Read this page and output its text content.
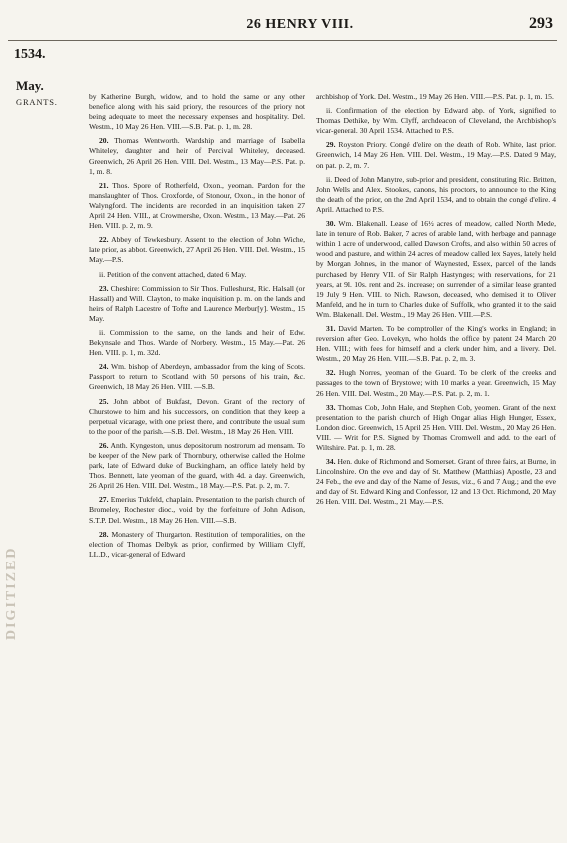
26 HENRY VIII.	293
1534.
May.
GRANTS.
DIGITIZED

by Katherine Burgh, widow, and to hold the same or any other benefice along with his said priory, the resources of the priory not being adequate to meet the necessary expenses and hospitality. Del. Westm., 10 May 26 Hen. VIII.—S.B. Pat. p. 1, m. 28.

20. Thomas Wentworth. Wardship and marriage of Isabella Whiteley, daughter and heir of Percival Whiteley, deceased. Greenwich, 26 April 26 Hen. VIII. Del. Westm., 13 May—P.S. Pat. p. 1, m. 8.

21. Thos. Spore of Rotherfeld, Oxon., yeoman. Pardon for the manslaughter of Thos. Croxforde, of Stonour, Oxon., in the honor of Walyngford. The incidents are recorded in an inquisition taken 27 April 24 Hen. VIII., at Crowmershe, Oxon. Westm., 13 May.—Pat. 26 Hen. VIII. p. 2, m. 9.

22. Abbey of Tewkesbury. Assent to the election of John Wiche, late prior, as abbot. Greenwich, 27 April 26 Hen. VIII. Del. Westm., 15 May.—P.S.

ii. Petition of the convent attached, dated 6 May.

23. Cheshire: Commission to Sir Thos. Fulleshurst, Ric. Halsall (or Hassall) and Will. Clayton, to make inquisition p. m. on the lands and heirs of Ralph Lacestre of Tofte and Laurence Merbur[y]. Westm., 15 May.

ii. Commission to the same, on the lands and heir of Edw. Bekynsale and Thos. Warde of Norbery. Westm., 15 May.—Pat. 26 Hen. VIII. p. 1, m. 32d.

24. Wm. bishop of Aberdeyn, ambassador from the king of Scots. Passport to return to Scotland with 50 persons of his train, &c. Greenwich, 18 May 26 Hen. VIII. —S.B.

25. John abbot of Bukfast, Devon. Grant of the rectory of Churstowe to him and his successors, on condition that they keep a perpetual vicarage, with one priest there, and contribute the usual sum to the poor of the parish.—S.B. Del. Westm., 18 May 26 Hen. VIII.

26. Anth. Kyngeston, unus depositorum nostrorum ad mensam. To be keeper of the New park of Thornbury, otherwise called the Holme park, late of Edward duke of Buckingham, an office lately held by Thos. Bennett, late yeoman of the guard, with 4d. a day. Greenwich, 26 April 26 Hen. VIII. Del. Westm., 18 May.—P.S. Pat. p. 2, m. 7.

27. Emerius Tukfeld, chaplain. Presentation to the parish church of Bromeley, Rochester dioc., void by the forfeiture of John Adison, S.T.P. Del. Westm., 18 May 26 Hen. VIII.—S.B.

28. Monastery of Thurgarton. Restitution of temporalities, on the election of Thomas Delbyk as prior, confirmed by William Clyff, LL.D., vicar-general of Edward

archbishop of York. Del. Westm., 19 May 26 Hen. VIII.—P.S. Pat. p. 1, m. 15.

ii. Confirmation of the election by Edward abp. of York, signified to Thomas Dethike, by Wm. Clyff, archdeacon of Cleveland, the Archbishop's vicar-general. 30 April 1534. Attached to P.S.

29. Royston Priory. Congé d'elire on the death of Rob. White, last prior. Greenwich, 14 May 26 Hen. VIII. Del. Westm., 19 May.—P.S. Dated 9 May, on pat. p. 2, m. 7.

ii. Deed of John Manytre, sub-prior and president, constituting Ric. Britten, John Wells and Alex. Stookes, canons, his proctors, to announce to the King the death of the prior, on the 2nd April 1534, and to obtain the congé d'elire. 4 April. Attached to P.S.

30. Wm. Blakenall. Lease of 16½ acres of meadow, called North Mede, late in tenure of Rob. Baker, 7 acres of arable land, with herbage and pannage within 1 acre of underwood, called Dawson Crofts, and also within 50 acres of wood and pasture, and within 24 acres of meadow called lex Sayes, lately held by Morgan Johnes, in the manor of Waynested, Essex, parcel of the lands purchased by Henry VII. of Sir Ralph Hastynges; with reservations, for 21 years, at 9l. 10s. rent and 2s. increase; on surrender of a similar lease granted 19 July 9 Hen. VIII. to Nich. Rawson, deceased, who demised it to Oliver Manfeld, and he in turn to Charles duke of Suffolk, who granted it to the said Wm. Blakenall. Del. Westm., 19 May 26 Hen. VIII.—P.S.

31. David Marten. To be comptroller of the King's works in England; in reversion after Geo. Lovekyn, who holds the office by patent 24 March 20 Hen. VIII.; with fees for himself and a clerk under him, and a livery. Del. Westm., 20 May 26 Hen. VIII.—S.B. Pat. p. 2, m. 3.

32. Hugh Norres, yeoman of the Guard. To be clerk of the creeks and passages to the town of Brystowe; with 10 marks a year. Greenwich, 15 May 26 Hen. VIII. Del. Westm., 20 May.—P.S. Pat. p. 2, m. 1.

33. Thomas Cob, John Hale, and Stephen Cob, yeomen. Grant of the next presentation to the parish church of High Ongar alias High Hunger, Essex, London dioc. Greenwich, 15 April 25 Hen. VIII. Del. Westm., 20 May 26 Hen. VIII. — Writ for P.S. Signed by Thomas Cromwell and add. to the earl of Wiltshire. Pat. p. 1, m. 28.

34. Hen. duke of Richmond and Somerset. Grant of three fairs, at Burne, in Lincolnshire. On the eve and day of St. Matthew (Matthias) Apostle, 23 and 24 Feb., the eve and day of the Name of Jesus, viz., 6 and 7 Aug.; and the eve and day of St. Edward King and Confessor, 12 and 13 Oct. Richmond, 20 May 26 Hen. VIII. Del. Westm., 21 May.—P.S.
